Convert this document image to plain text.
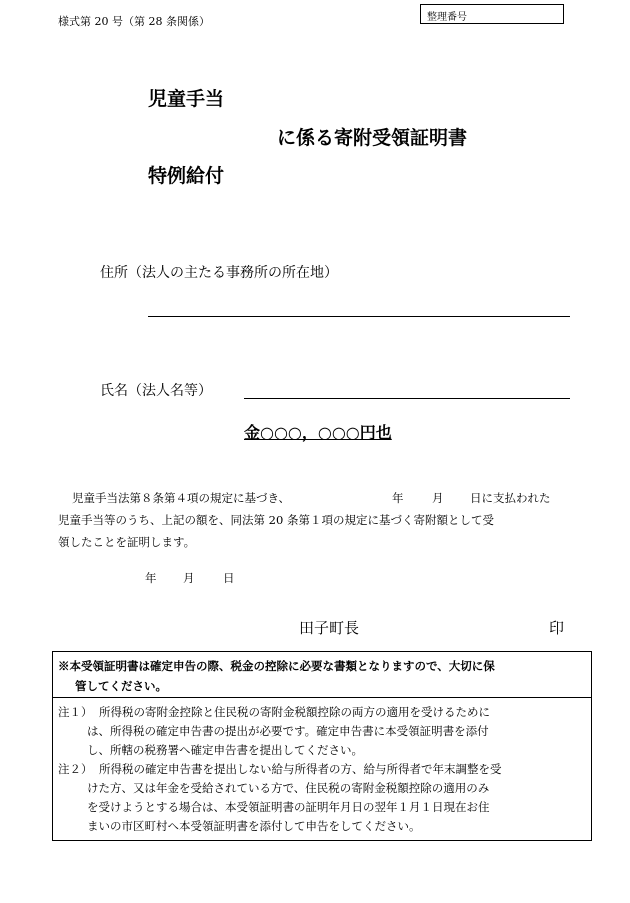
様式第 20 号（第 28 条関係）	整理番号
児童手当
に係る寄附受領証明書
特例給付
住所（法人の主たる事務所の所在地）
氏名（法人名等）
金○○○，○○○円也
児童手当法第８条第４項の規定に基づき、	年 月 日に支払われた
児童手当等のうち、上記の額を、同法第 20 条第１項の規定に基づく寄附額として受
領したことを証明します。
年 月 日
田子町長	印
※本受領証明書は確定申告の際、税金の控除に必要な書類となりますので、大切に保
管してください。
注１） 所得税の寄附金控除と住民税の寄附金税額控除の両方の適用を受けるために
は、所得税の確定申告書の提出が必要です。確定申告書に本受領証明書を添付
し、所轄の税務署へ確定申告書を提出してください。
注２） 所得税の確定申告書を提出しない給与所得者の方、給与所得者で年末調整を受
けた方、又は年金を受給されている方で、住民税の寄附金税額控除の適用のみ
を受けようとする場合は、本受領証明書の証明年月日の翌年１月１日現在お住
まいの市区町村へ本受領証明書を添付して申告をしてください。
